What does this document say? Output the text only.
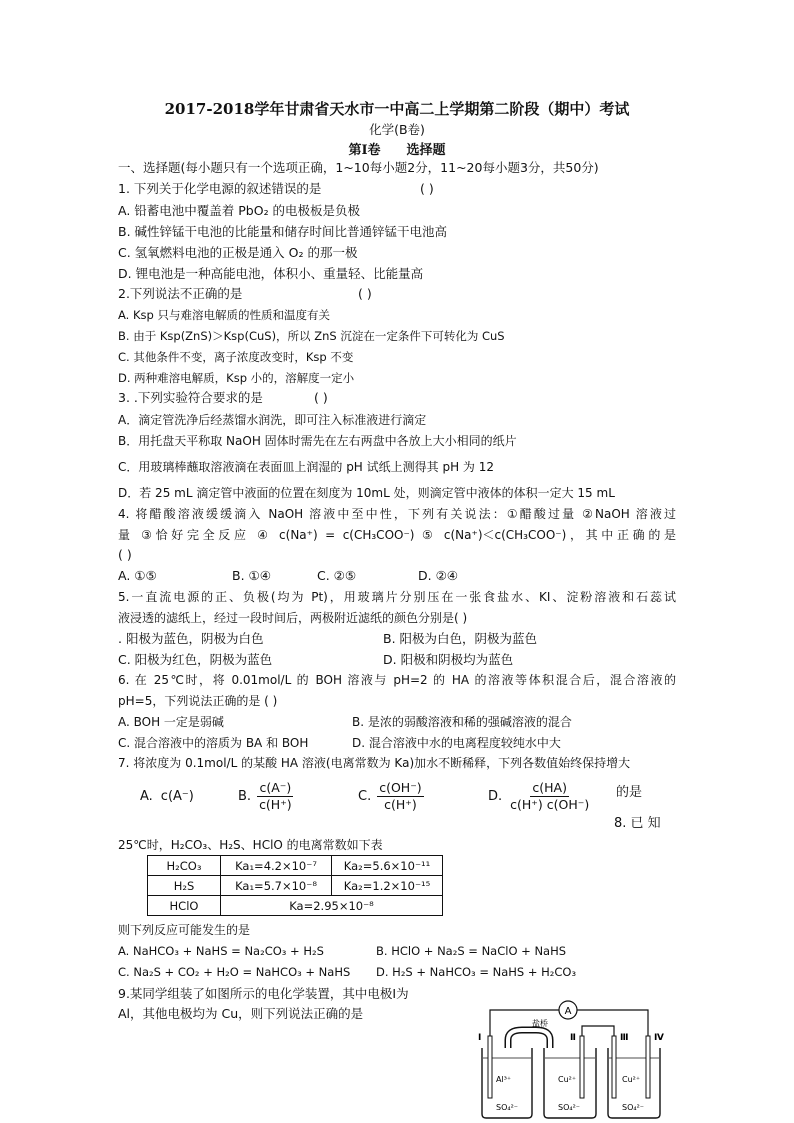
2017-2018学年甘肃省天水市一中高二上学期第二阶段（期中）考试
化学(B卷)
第Ⅰ卷 选择题
一、选择题(每小题只有一个选项正确，1~10每小题2分，11~20每小题3分，共50分)
1. 下列关于化学电源的叙述错误的是	( )
A. 铅蓄电池中覆盖着 PbO₂ 的电极板是负极
B. 碱性锌锰干电池的比能量和储存时间比普通锌锰干电池高
C. 氢氧燃料电池的正极是通入 O₂ 的那一极
D. 锂电池是一种高能电池，体积小、重量轻、比能量高
2.下列说法不正确的是	( )
A. Ksp 只与难溶电解质的性质和温度有关
B. 由于 Ksp(ZnS)＞Ksp(CuS)，所以 ZnS 沉淀在一定条件下可转化为 CuS
C. 其他条件不变，离子浓度改变时，Ksp 不变
D. 两种难溶电解质，Ksp 小的，溶解度一定小
3. .下列实验符合要求的是	( )
A．滴定管洗净后经蒸馏水润洗，即可注入标准液进行滴定
B．用托盘天平称取 NaOH 固体时需先在左右两盘中各放上大小相同的纸片
C．用玻璃棒蘸取溶液滴在表面皿上润湿的 pH 试纸上测得其 pH 为 12
D．若 25 mL 滴定管中液面的位置在刻度为 10mL 处，则滴定管中液体的体积一定大 15 mL
4. 将醋酸溶液缓缓滴入 NaOH 溶液中至中性，下列有关说法：①醋酸过量 ②NaOH 溶液过
量 ③恰好完全反应 ④ c(Na⁺) = c(CH₃COO⁻) ⑤ c(Na⁺)＜c(CH₃COO⁻)，其中正确的是
( )
A. ①⑤	B. ①④	C. ②⑤	D. ②④
5.一直流电源的正、负极(均为 Pt)，用玻璃片分别压在一张食盐水、KI、淀粉溶液和石蕊试
液浸透的滤纸上，经过一段时间后，两极附近滤纸的颜色分别是( )
. 阳极为蓝色，阴极为白色	B. 阳极为白色，阴极为蓝色
C. 阳极为红色，阴极为蓝色	D. 阳极和阴极均为蓝色
6. 在 25℃时，将 0.01mol/L 的 BOH 溶液与 pH=2 的 HA 的溶液等体积混合后，混合溶液的
pH=5，下列说法正确的是 ( )
A. BOH 一定是弱碱	B. 是浓的弱酸溶液和稀的强碱溶液的混合
C. 混合溶液中的溶质为 BA 和 BOH	D. 混合溶液中水的电离程度较纯水中大
7. 将浓度为 0.1mol/L 的某酸 HA 溶液(电离常数为 Ka)加水不断稀释，下列各数值始终保持增大
A. c(A⁻)	B. $\frac{c(A^-)}{c(H^+)}$	C. $\frac{c(OH^-)}{c(H^+)}$	D. $\frac{c(HA)}{c(H^+) c(OH^-)}$ 的是
8. 已 知
25℃时，H₂CO₃、H₂S、HClO 的电离常数如下表
H₂CO₃	Ka₁=4.2×10⁻⁷	Ka₂=5.6×10⁻¹¹
H₂S	Ka₁=5.7×10⁻⁸	Ka₂=1.2×10⁻¹⁵
HClO	Ka=2.95×10⁻⁸	
则下列反应可能发生的是
A. NaHCO₃ + NaHS = Na₂CO₃ + H₂S	B. HClO + Na₂S = NaClO + NaHS
C. Na₂S + CO₂ + H₂O = NaHCO₃ + NaHS D. H₂S + NaHCO₃ = NaHS + H₂CO₃
9.某同学组装了如图所示的电化学装置，其中电极Ⅰ为
Al，其他电极均为 Cu，则下列说法正确的是	A
盐桥
Ⅰ	Ⅱ	Ⅲ	Ⅳ
Al³⁺
SO₄²⁻
Cu²⁺
SO₄²⁻
Cu²⁺
SO₄²⁻
